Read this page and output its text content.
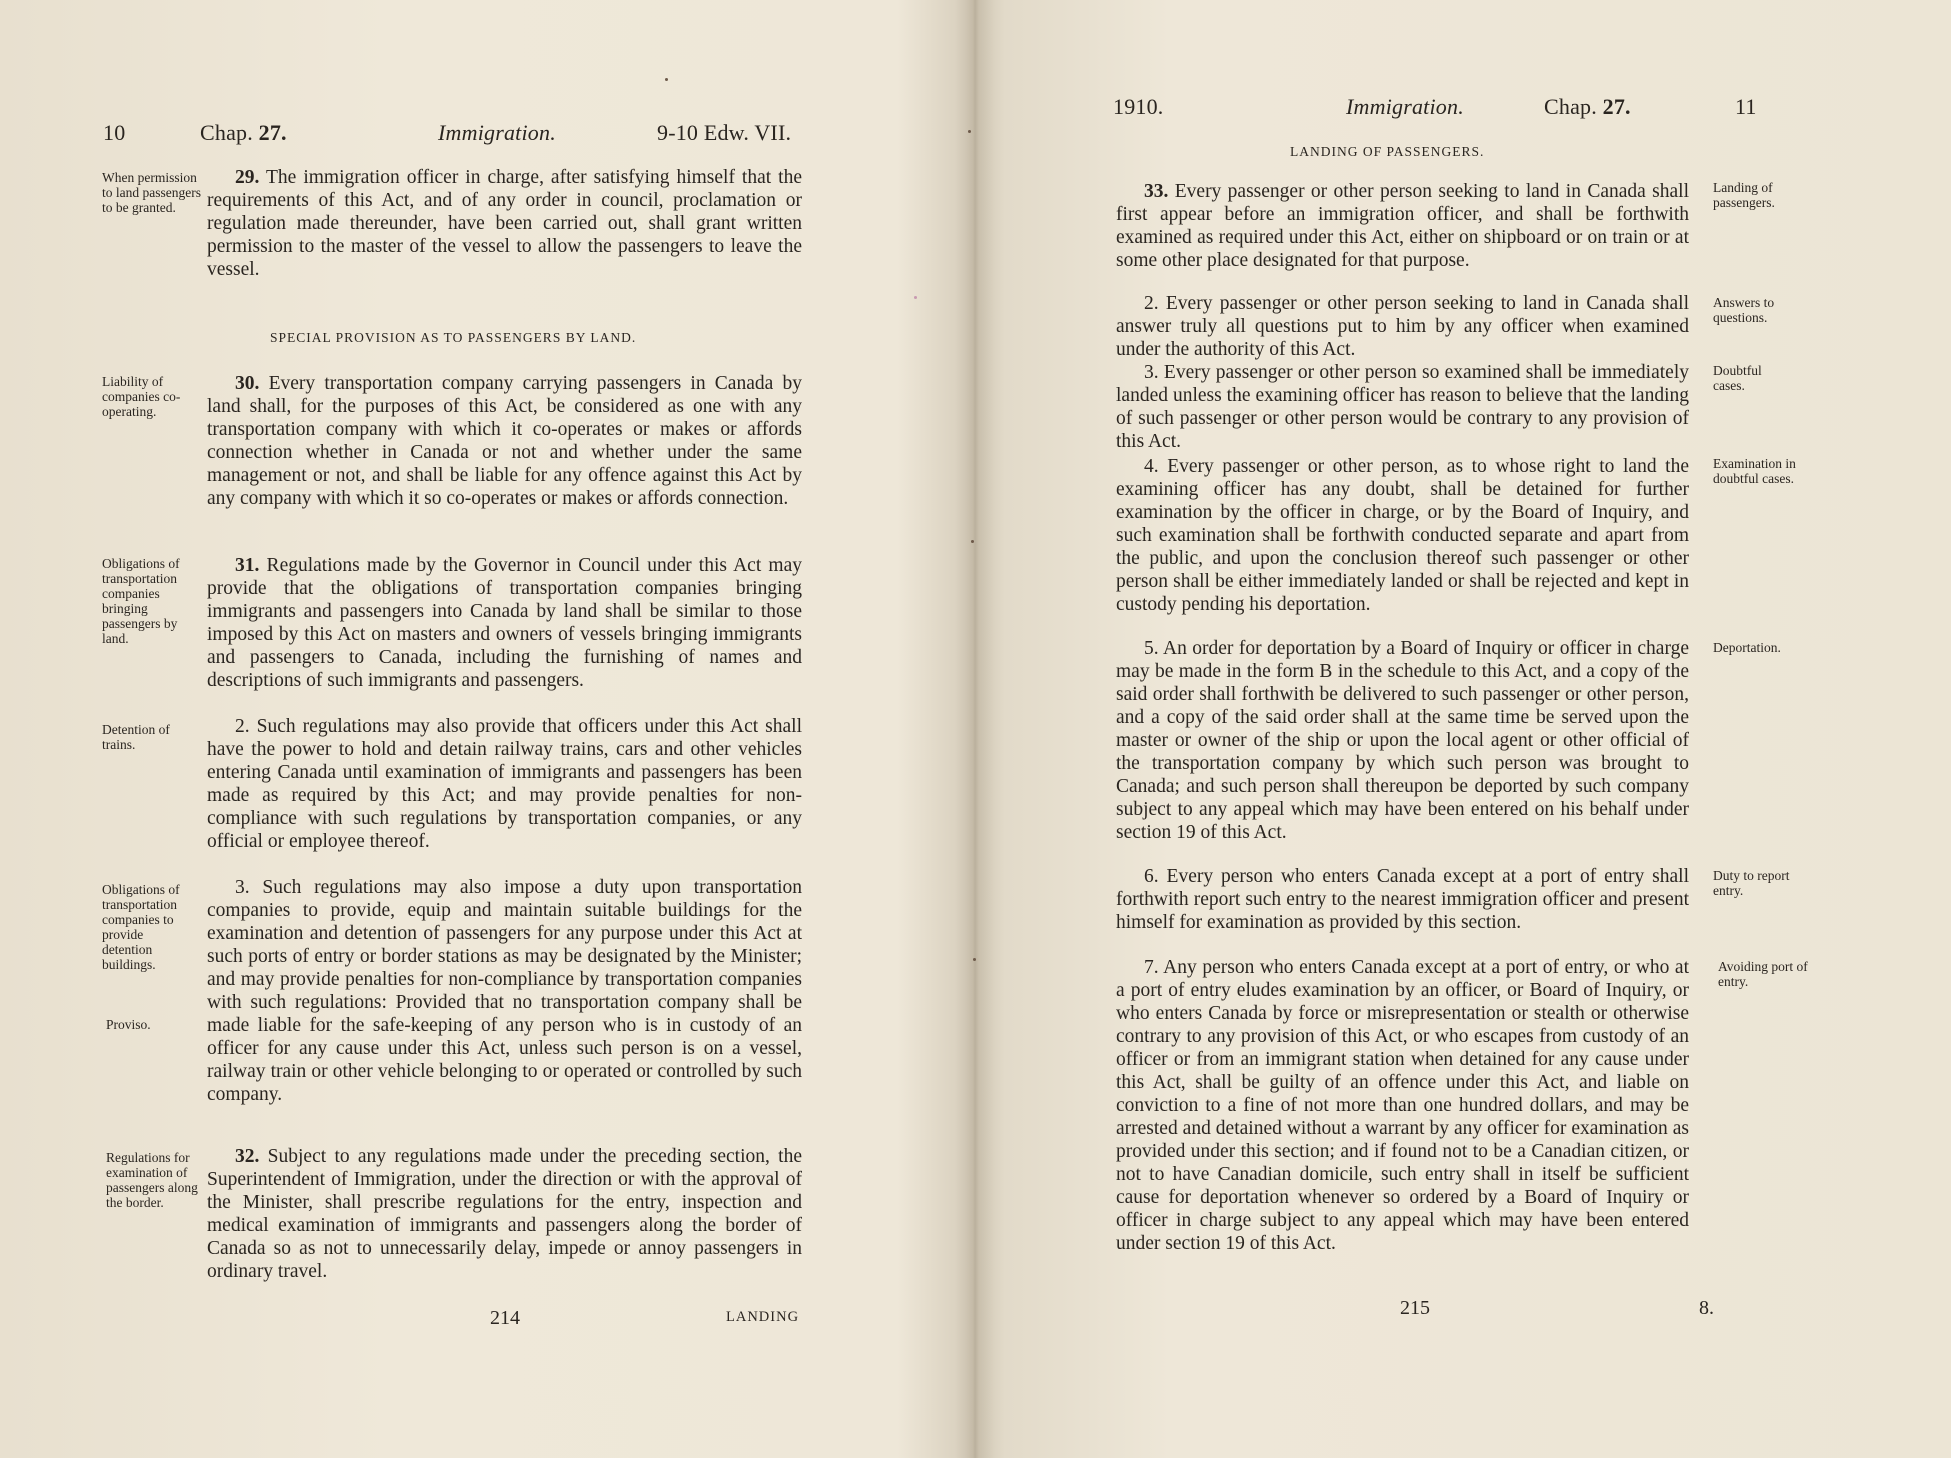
10	Chap. 27.	Immigration.	9-10 Edw. VII.
When permission to land passengers to be granted.
29. The immigration officer in charge, after satisfying himself that the requirements of this Act, and of any order in council, proclamation or regulation made thereunder, have been carried out, shall grant written permission to the master of the vessel to allow the passengers to leave the vessel.
SPECIAL PROVISION AS TO PASSENGERS BY LAND.
Liability of companies co-operating.
30. Every transportation company carrying passengers in Canada by land shall, for the purposes of this Act, be considered as one with any transportation company with which it co-operates or makes or affords connection whether in Canada or not and whether under the same management or not, and shall be liable for any offence against this Act by any company with which it so co-operates or makes or affords connection.
Obligations of transportation companies bringing passengers by land.
31. Regulations made by the Governor in Council under this Act may provide that the obligations of transportation companies bringing immigrants and passengers into Canada by land shall be similar to those imposed by this Act on masters and owners of vessels bringing immigrants and passengers to Canada, including the furnishing of names and descriptions of such immigrants and passengers.
Detention of trains.
2. Such regulations may also provide that officers under this Act shall have the power to hold and detain railway trains, cars and other vehicles entering Canada until examination of immigrants and passengers has been made as required by this Act; and may provide penalties for non-compliance with such regulations by transportation companies, or any official or employee thereof.
Obligations of transportation companies to provide detention buildings.
Proviso.
3. Such regulations may also impose a duty upon transportation companies to provide, equip and maintain suitable buildings for the examination and detention of passengers for any purpose under this Act at such ports of entry or border stations as may be designated by the Minister; and may provide penalties for non-compliance by transportation companies with such regulations: Provided that no transportation company shall be made liable for the safe-keeping of any person who is in custody of an officer for any cause under this Act, unless such person is on a vessel, railway train or other vehicle belonging to or operated or controlled by such company.
Regulations for examination of passengers along the border.
32. Subject to any regulations made under the preceding section, the Superintendent of Immigration, under the direction or with the approval of the Minister, shall prescribe regulations for the entry, inspection and medical examination of immigrants and passengers along the border of Canada so as not to unnecessarily delay, impede or annoy passengers in ordinary travel.
214	LANDING
1910.	Immigration.	Chap. 27.	11
LANDING OF PASSENGERS.
33. Every passenger or other person seeking to land in Canada shall first appear before an immigration officer, and shall be forthwith examined as required under this Act, either on shipboard or on train or at some other place designated for that purpose.
Landing of passengers.
2. Every passenger or other person seeking to land in Canada shall answer truly all questions put to him by any officer when examined under the authority of this Act.
Answers to questions.
3. Every passenger or other person so examined shall be immediately landed unless the examining officer has reason to believe that the landing of such passenger or other person would be contrary to any provision of this Act.
Doubtful cases.
4. Every passenger or other person, as to whose right to land the examining officer has any doubt, shall be detained for further examination by the officer in charge, or by the Board of Inquiry, and such examination shall be forthwith conducted separate and apart from the public, and upon the conclusion thereof such passenger or other person shall be either immediately landed or shall be rejected and kept in custody pending his deportation.
Examination in doubtful cases.
5. An order for deportation by a Board of Inquiry or officer in charge may be made in the form B in the schedule to this Act, and a copy of the said order shall forthwith be delivered to such passenger or other person, and a copy of the said order shall at the same time be served upon the master or owner of the ship or upon the local agent or other official of the transportation company by which such person was brought to Canada; and such person shall thereupon be deported by such company subject to any appeal which may have been entered on his behalf under section 19 of this Act.
Deportation.
6. Every person who enters Canada except at a port of entry shall forthwith report such entry to the nearest immigration officer and present himself for examination as provided by this section.
Duty to report entry.
7. Any person who enters Canada except at a port of entry, or who at a port of entry eludes examination by an officer, or Board of Inquiry, or who enters Canada by force or misrepresentation or stealth or otherwise contrary to any provision of this Act, or who escapes from custody of an officer or from an immigrant station when detained for any cause under this Act, shall be guilty of an offence under this Act, and liable on conviction to a fine of not more than one hundred dollars, and may be arrested and detained without a warrant by any officer for examination as provided under this section; and if found not to be a Canadian citizen, or not to have Canadian domicile, such entry shall in itself be sufficient cause for deportation whenever so ordered by a Board of Inquiry or officer in charge subject to any appeal which may have been entered under section 19 of this Act.
Avoiding port of entry.
215	8.
